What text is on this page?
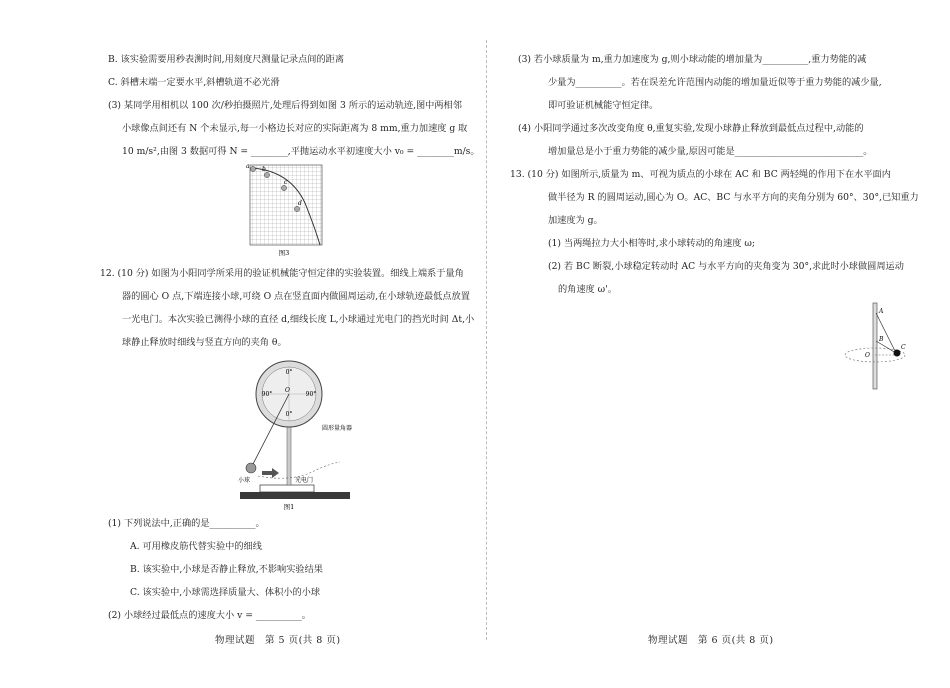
B. 该实验需要用秒表测时间,用刻度尺测量记录点间的距离
C. 斜槽末端一定要水平,斜槽轨道不必光滑
(3) 某同学用相机以 100 次/秒拍摄照片,处理后得到如图 3 所示的运动轨迹,图中两相邻
小球像点间还有 N 个未显示,每一小格边长对应的实际距离为 8 mm,重力加速度 g 取
10 m/s²,由图 3 数据可得 N = ________,平抛运动水平初速度大小 v₀ = ________m/s。
a b
c
d
图3
12. (10 分) 如图为小阳同学所采用的验证机械能守恒定律的实验装置。细线上端系于量角
器的圆心 O 点,下端连接小球,可绕 O 点在竖直面内做圆周运动,在小球轨迹最低点放置
一光电门。本次实验已测得小球的直径 d,细线长度 L,小球通过光电门的挡光时间 Δt,小
球静止释放时细线与竖直方向的夹角 θ。
0°
90°	90°
O
0°
圆形量角器
小球	光电门
图1
(1) 下列说法中,正确的是__________。
A. 可用橡皮筋代替实验中的细线
B. 该实验中,小球是否静止释放,不影响实验结果
C. 该实验中,小球需选择质量大、体积小的小球
(2) 小球经过最低点的速度大小 v = __________。
(3) 若小球质量为 m,重力加速度为 g,则小球动能的增加量为__________,重力势能的减
少量为__________。若在误差允许范围内动能的增加量近似等于重力势能的减少量,
即可验证机械能守恒定律。
(4) 小阳同学通过多次改变角度 θ,重复实验,发现小球静止释放到最低点过程中,动能的
增加量总是小于重力势能的减少量,原因可能是____________________________。
13. (10 分) 如图所示,质量为 m、可视为质点的小球在 AC 和 BC 两轻绳的作用下在水平面内
做半径为 R 的圆周运动,圆心为 O。AC、BC 与水平方向的夹角分别为 60°、30°,已知重力
加速度为 g。
(1) 当两绳拉力大小相等时,求小球转动的角速度 ω;
(2) 若 BC 断裂,小球稳定转动时 AC 与水平方向的夹角变为 30°,求此时小球做圆周运动
的角速度 ω'。
A
B
C
O
物理试题　第 5 页(共 8 页)	物理试题　第 6 页(共 8 页)
